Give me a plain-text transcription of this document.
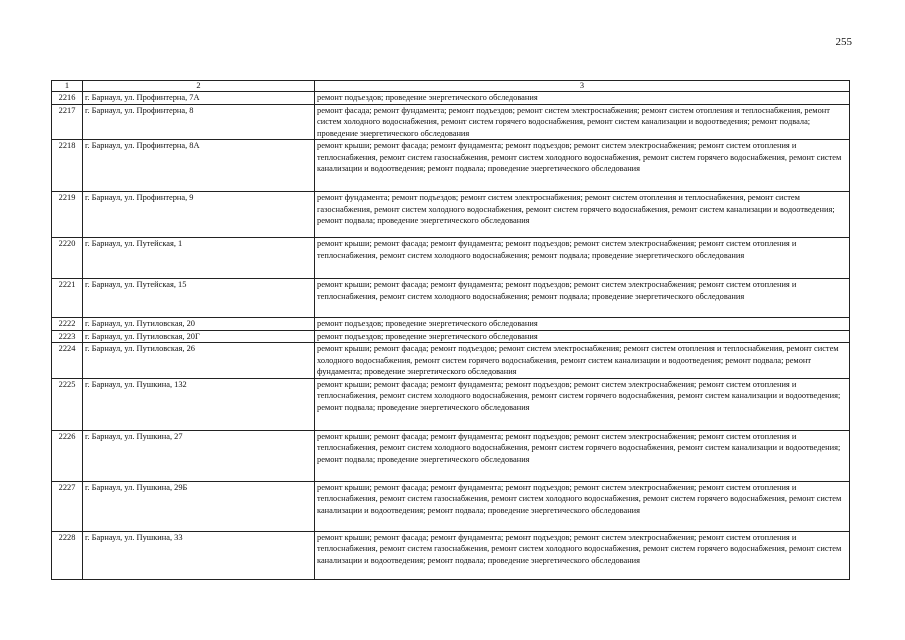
255
1	2	3
2216	г. Барнаул, ул. Профинтерна, 7А	ремонт подъездов; проведение энергетического обследования
2217	г. Барнаул, ул. Профинтерна, 8	ремонт фасада; ремонт фундамента; ремонт подъездов; ремонт систем электроснабжения; ремонт систем отопления и теплоснабжения, ремонт систем холодного водоснабжения, ремонт систем горячего водоснабжения, ремонт систем канализации и водоотведения; ремонт подвала; проведение энергетического обследования
2218	г. Барнаул, ул. Профинтерна, 8А	ремонт крыши; ремонт фасада; ремонт фундамента; ремонт подъездов; ремонт систем электроснабжения; ремонт систем отопления и теплоснабжения, ремонт систем газоснабжения, ремонт систем холодного водоснабжения, ремонт систем горячего водоснабжения, ремонт систем канализации и водоотведения; ремонт подвала; проведение энергетического обследования
2219	г. Барнаул, ул. Профинтерна, 9	ремонт фундамента; ремонт подъездов; ремонт систем электроснабжения; ремонт систем отопления и теплоснабжения, ремонт систем газоснабжения, ремонт систем холодного водоснабжения, ремонт систем горячего водоснабжения, ремонт систем канализации и водоотведения; ремонт подвала; проведение энергетического обследования
2220	г. Барнаул, ул. Путейская, 1	ремонт крыши; ремонт фасада; ремонт фундамента; ремонт подъездов; ремонт систем электроснабжения; ремонт систем отопления и теплоснабжения, ремонт систем холодного водоснабжения; ремонт подвала; проведение энергетического обследования
2221	г. Барнаул, ул. Путейская, 15	ремонт крыши; ремонт фасада; ремонт фундамента; ремонт подъездов; ремонт систем электроснабжения; ремонт систем отопления и теплоснабжения, ремонт систем холодного водоснабжения; ремонт подвала; проведение энергетического обследования
2222	г. Барнаул, ул. Путиловская, 20	ремонт подъездов; проведение энергетического обследования
2223	г. Барнаул, ул. Путиловская, 20Г	ремонт подъездов; проведение энергетического обследования
2224	г. Барнаул, ул. Путиловская, 26	ремонт крыши; ремонт фасада; ремонт подъездов; ремонт систем электроснабжения; ремонт систем отопления и теплоснабжения, ремонт систем холодного водоснабжения, ремонт систем горячего водоснабжения, ремонт систем канализации и водоотведения; ремонт подвала; ремонт фундамента; проведение энергетического обследования
2225	г. Барнаул, ул. Пушкина, 132	ремонт крыши; ремонт фасада; ремонт фундамента; ремонт подъездов; ремонт систем электроснабжения; ремонт систем отопления и теплоснабжения, ремонт систем холодного водоснабжения, ремонт систем горячего водоснабжения, ремонт систем канализации и водоотведения; ремонт подвала; проведение энергетического обследования
2226	г. Барнаул, ул. Пушкина, 27	ремонт крыши; ремонт фасада; ремонт фундамента; ремонт подъездов; ремонт систем электроснабжения; ремонт систем отопления и теплоснабжения, ремонт систем холодного водоснабжения, ремонт систем горячего водоснабжения, ремонт систем канализации и водоотведения; ремонт подвала; проведение энергетического обследования
2227	г. Барнаул, ул. Пушкина, 29Б	ремонт крыши; ремонт фасада; ремонт фундамента; ремонт подъездов; ремонт систем электроснабжения; ремонт систем отопления и теплоснабжения, ремонт систем газоснабжения, ремонт систем холодного водоснабжения, ремонт систем горячего водоснабжения, ремонт систем канализации и водоотведения; ремонт подвала; проведение энергетического обследования
2228	г. Барнаул, ул. Пушкина, 33	ремонт крыши; ремонт фасада; ремонт фундамента; ремонт подъездов; ремонт систем электроснабжения; ремонт систем отопления и теплоснабжения, ремонт систем газоснабжения, ремонт систем холодного водоснабжения, ремонт систем горячего водоснабжения, ремонт систем канализации и водоотведения; ремонт подвала; проведение энергетического обследования
